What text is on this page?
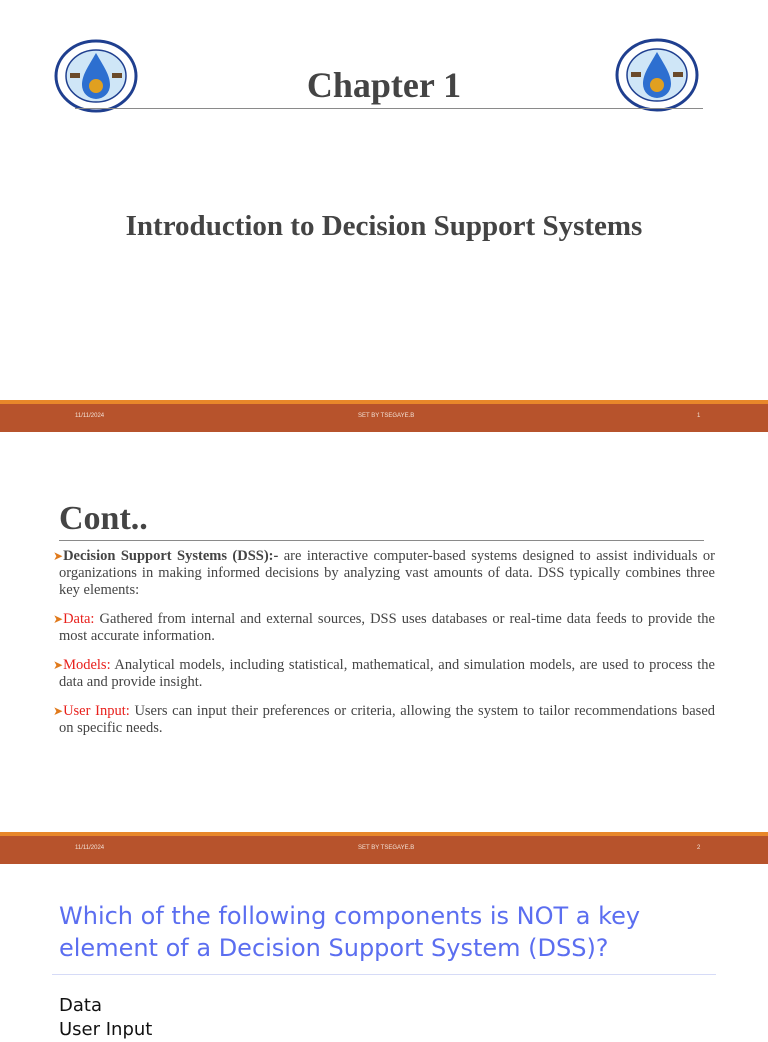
Chapter 1
Introduction to Decision Support Systems
11/11/2024	SET BY TSEGAYE.B	1
Cont..

➤Decision Support Systems (DSS):- are interactive computer-based systems designed to assist individuals or organizations in making informed decisions by analyzing vast amounts of data. DSS typically combines three key elements:

➤Data: Gathered from internal and external sources, DSS uses databases or real-time data feeds to provide the most accurate information.

➤Models: Analytical models, including statistical, mathematical, and simulation models, are used to process the data and provide insight.

➤User Input: Users can input their preferences or criteria, allowing the system to tailor recommendations based on specific needs.

11/11/2024	SET BY TSEGAYE.B	2
Which of the following components is NOT a key element of a Decision Support System (DSS)?
Data
User Input
